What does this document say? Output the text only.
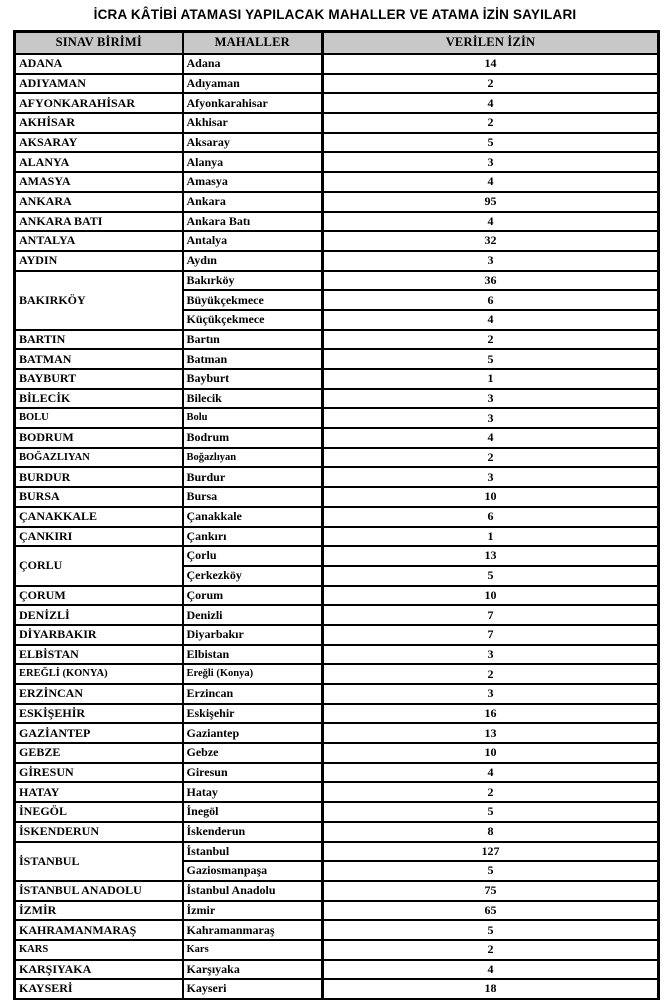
İCRA KÂTİBİ ATAMASI YAPILACAK MAHALLER VE ATAMA İZİN SAYILARI
SINAV BİRİMİ	MAHALLER	VERİLEN İZİN
ADANA	Adana	14
ADIYAMAN	Adıyaman	2
AFYONKARAHİSAR	Afyonkarahisar	4
AKHİSAR	Akhisar	2
AKSARAY	Aksaray	5
ALANYA	Alanya	3
AMASYA	Amasya	4
ANKARA	Ankara	95
ANKARA BATI	Ankara Batı	4
ANTALYA	Antalya	32
AYDIN	Aydın	3
BAKIRKÖY	Bakırköy	36
	Büyükçekmece	6
	Küçükçekmece	4
BARTIN	Bartın	2
BATMAN	Batman	5
BAYBURT	Bayburt	1
BİLECİK	Bilecik	3
BOLU	Bolu	3
BODRUM	Bodrum	4
BOĞAZLIYAN	Boğazlıyan	2
BURDUR	Burdur	3
BURSA	Bursa	10
ÇANAKKALE	Çanakkale	6
ÇANKIRI	Çankırı	1
ÇORLU	Çorlu	13
	Çerkezköy	5
ÇORUM	Çorum	10
DENİZLİ	Denizli	7
DİYARBAKIR	Diyarbakır	7
ELBİSTAN	Elbistan	3
EREĞLİ (KONYA)	Ereğli (Konya)	2
ERZİNCAN	Erzincan	3
ESKİŞEHİR	Eskişehir	16
GAZİANTEP	Gaziantep	13
GEBZE	Gebze	10
GİRESUN	Giresun	4
HATAY	Hatay	2
İNEGÖL	İnegöl	5
İSKENDERUN	İskenderun	8
İSTANBUL	İstanbul	127
	Gaziosmanpaşa	5
İSTANBUL ANADOLU	İstanbul Anadolu	75
İZMİR	İzmir	65
KAHRAMANMARAŞ	Kahramanmaraş	5
KARS	Kars	2
KARŞIYAKA	Karşıyaka	4
KAYSERİ	Kayseri	18
